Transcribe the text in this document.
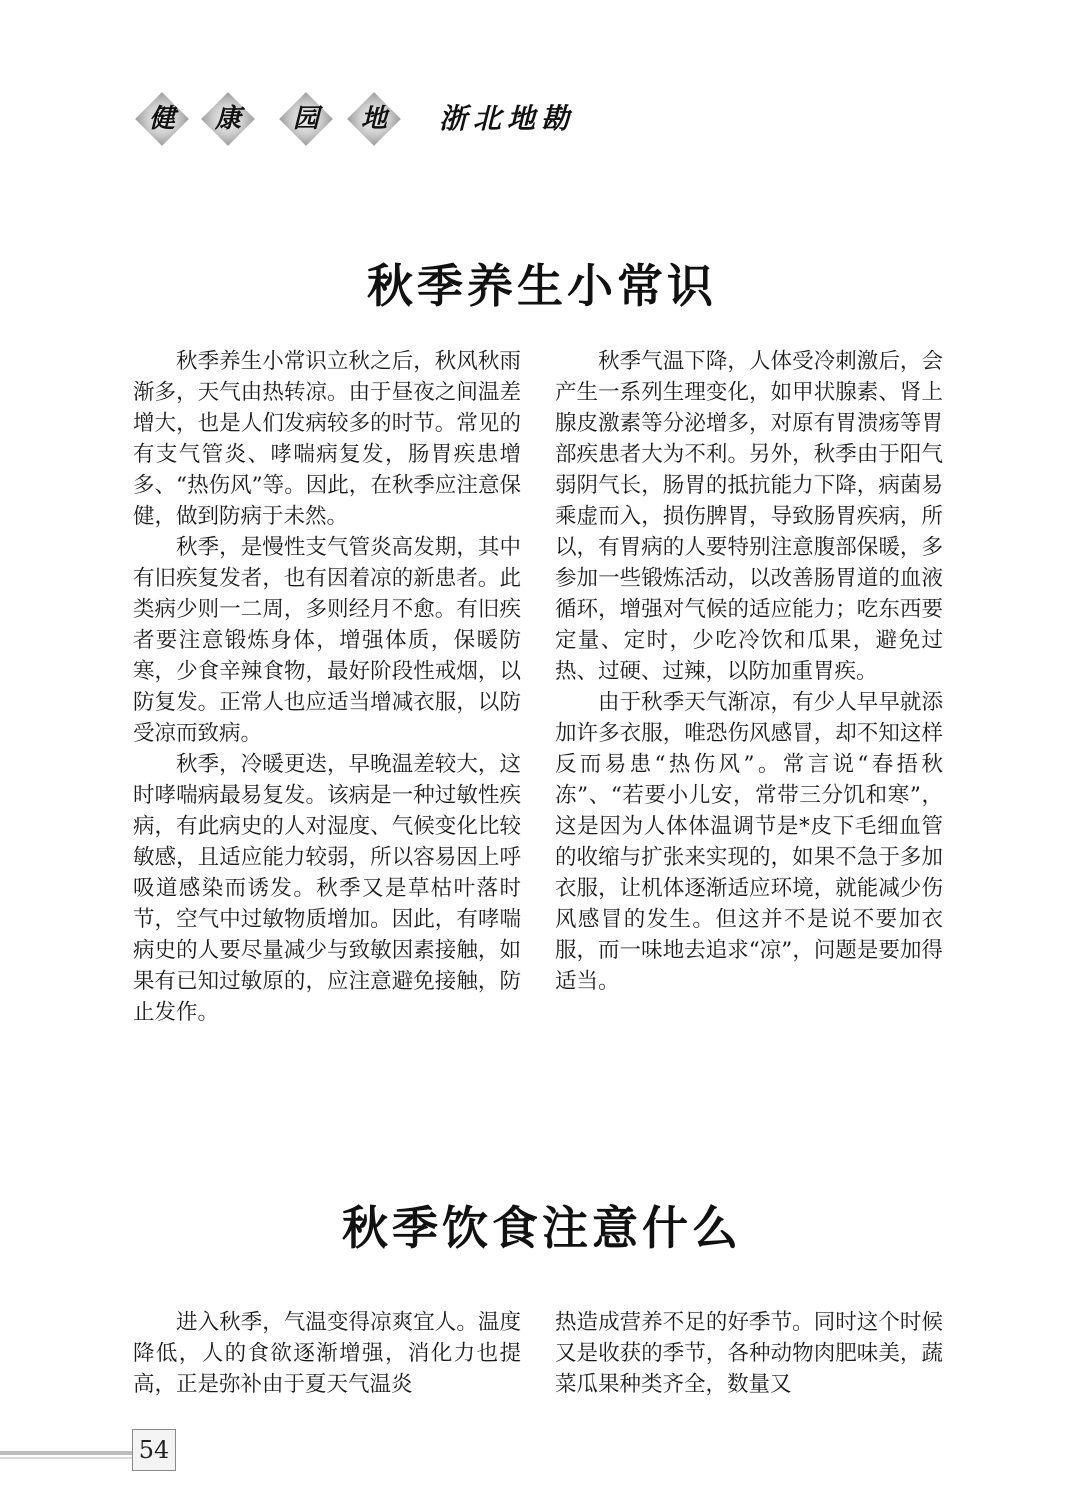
健	康	园	地	浙北地勘
秋季养生小常识

秋季养生小常识立秋之后，秋风秋雨渐多，天气由热转凉。由于昼夜之间温差增大，也是人们发病较多的时节。常见的有支气管炎、哮喘病复发，肠胃疾患增多、“热伤风”等。因此，在秋季应注意保健，做到防病于未然。

秋季，是慢性支气管炎高发期，其中有旧疾复发者，也有因着凉的新患者。此类病少则一二周，多则经月不愈。有旧疾者要注意锻炼身体，增强体质，保暖防寒，少食辛辣食物，最好阶段性戒烟，以防复发。正常人也应适当增减衣服，以防受凉而致病。

秋季，冷暖更迭，早晚温差较大，这时哮喘病最易复发。该病是一种过敏性疾病，有此病史的人对湿度、气候变化比较敏感，且适应能力较弱，所以容易因上呼吸道感染而诱发。秋季又是草枯叶落时节，空气中过敏物质增加。因此，有哮喘病史的人要尽量减少与致敏因素接触，如果有已知过敏原的，应注意避免接触，防止发作。

秋季气温下降，人体受冷刺激后，会产生一系列生理变化，如甲状腺素、肾上腺皮激素等分泌增多，对原有胃溃疡等胃部疾患者大为不利。另外，秋季由于阳气弱阴气长，肠胃的抵抗能力下降，病菌易乘虚而入，损伤脾胃，导致肠胃疾病，所以，有胃病的人要特别注意腹部保暖，多参加一些锻炼活动，以改善肠胃道的血液循环，增强对气候的适应能力；吃东西要定量、定时，少吃冷饮和瓜果，避免过热、过硬、过辣，以防加重胃疾。

由于秋季天气渐凉，有少人早早就添加许多衣服，唯恐伤风感冒，却不知这样反而易患“热伤风”。常言说“春捂秋冻”、“若要小儿安，常带三分饥和寒”，这是因为人体体温调节是*皮下毛细血管的收缩与扩张来实现的，如果不急于多加衣服，让机体逐渐适应环境，就能减少伤风感冒的发生。但这并不是说不要加衣服，而一味地去追求“凉”，问题是要加得适当。

秋季饮食注意什么

进入秋季，气温变得凉爽宜人。温度降低，人的食欲逐渐增强，消化力也提高，正是弥补由于夏天气温炎

热造成营养不足的好季节。同时这个时候又是收获的季节，各种动物肉肥味美，蔬菜瓜果种类齐全，数量又

54
